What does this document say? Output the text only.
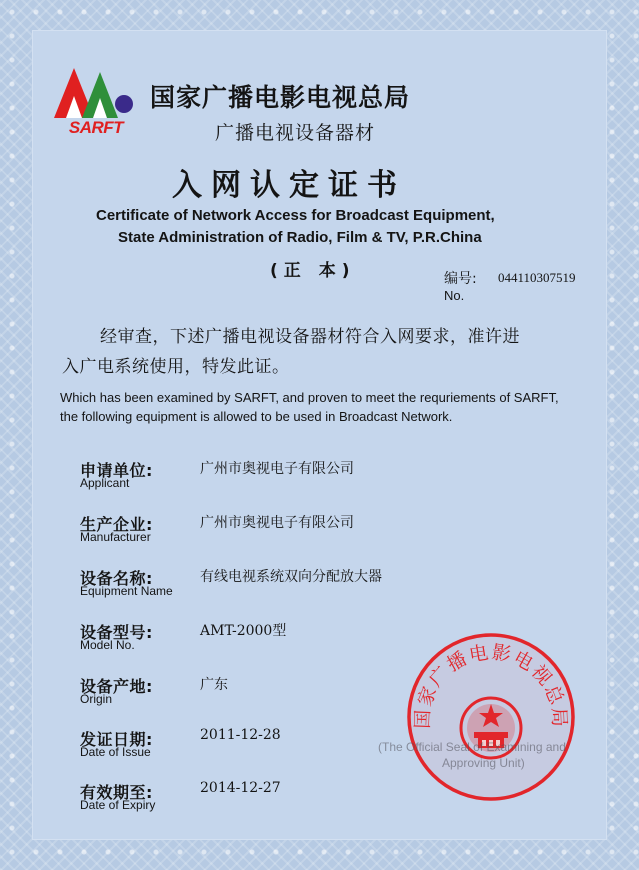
SARFT
国家广播电影电视总局
广播电视设备器材
入网认定证书
Certificate of Network Access for Broadcast Equipment,
State Administration of Radio, Film & TV, P.R.China
(正 本)	编号: 044110307519
No.
经审查，下述广播电视设备器材符合入网要求，准许进
入广电系统使用，特发此证。
Which has been examined by SARFT, and proven to meet the requriements of SARFT,
the following equipment is allowed to be used in Broadcast Network.
申请单位:
Applicant
广州市奥视电子有限公司
生产企业:
Manufacturer
广州市奥视电子有限公司
设备名称:
Equipment Name
有线电视系统双向分配放大器
设备型号:
Model No.
AMT-2000型
设备产地:
Origin
广东
发证日期:
Date of Issue
2011-12-28
有效期至:
Date of Expiry
2014-12-27
国家广播电影电视总局
(The Official Seal of Examining and
Approving Unit)
